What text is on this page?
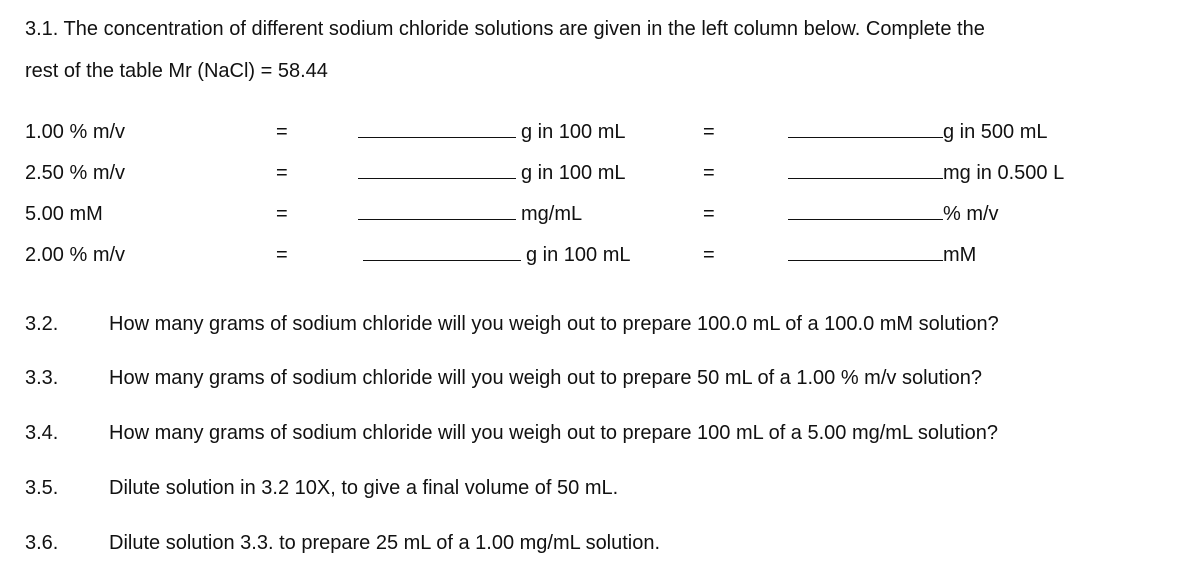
3.1. The concentration of different sodium chloride solutions are given in the left column below. Complete the
rest of the table Mr (NaCl) = 58.44

1.00 % m/v	=	g in 100 mL	=	g in 500 mL
2.50 % m/v	=	g in 100 mL	=	mg in 0.500 L
5.00 mM	=	mg/mL	=	% m/v
2.00 % m/v	=	g in 100 mL	=	mM
3.2.	How many grams of sodium chloride will you weigh out to prepare 100.0 mL of a 100.0 mM solution?
3.3.	How many grams of sodium chloride will you weigh out to prepare 50 mL of a 1.00 % m/v solution?
3.4.	How many grams of sodium chloride will you weigh out to prepare 100 mL of a 5.00 mg/mL solution?
3.5.	Dilute solution in 3.2 10X, to give a final volume of 50 mL.
3.6.	Dilute solution 3.3. to prepare 25 mL of a 1.00 mg/mL solution.
